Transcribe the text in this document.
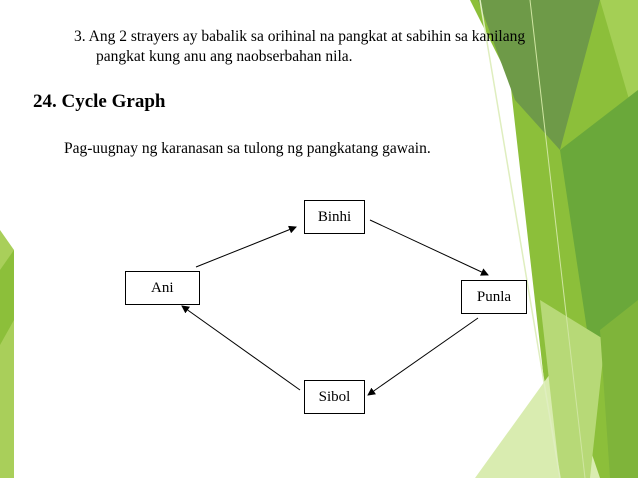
3. Ang 2 strayers ay babalik sa orihinal na pangkat at sabihin sa kanilang
pangkat kung anu ang naobserbahan nila.
24. Cycle Graph
Pag-uugnay ng karanasan sa tulong ng pangkatang gawain.
Binhi
Ani
Punla
Sibol
